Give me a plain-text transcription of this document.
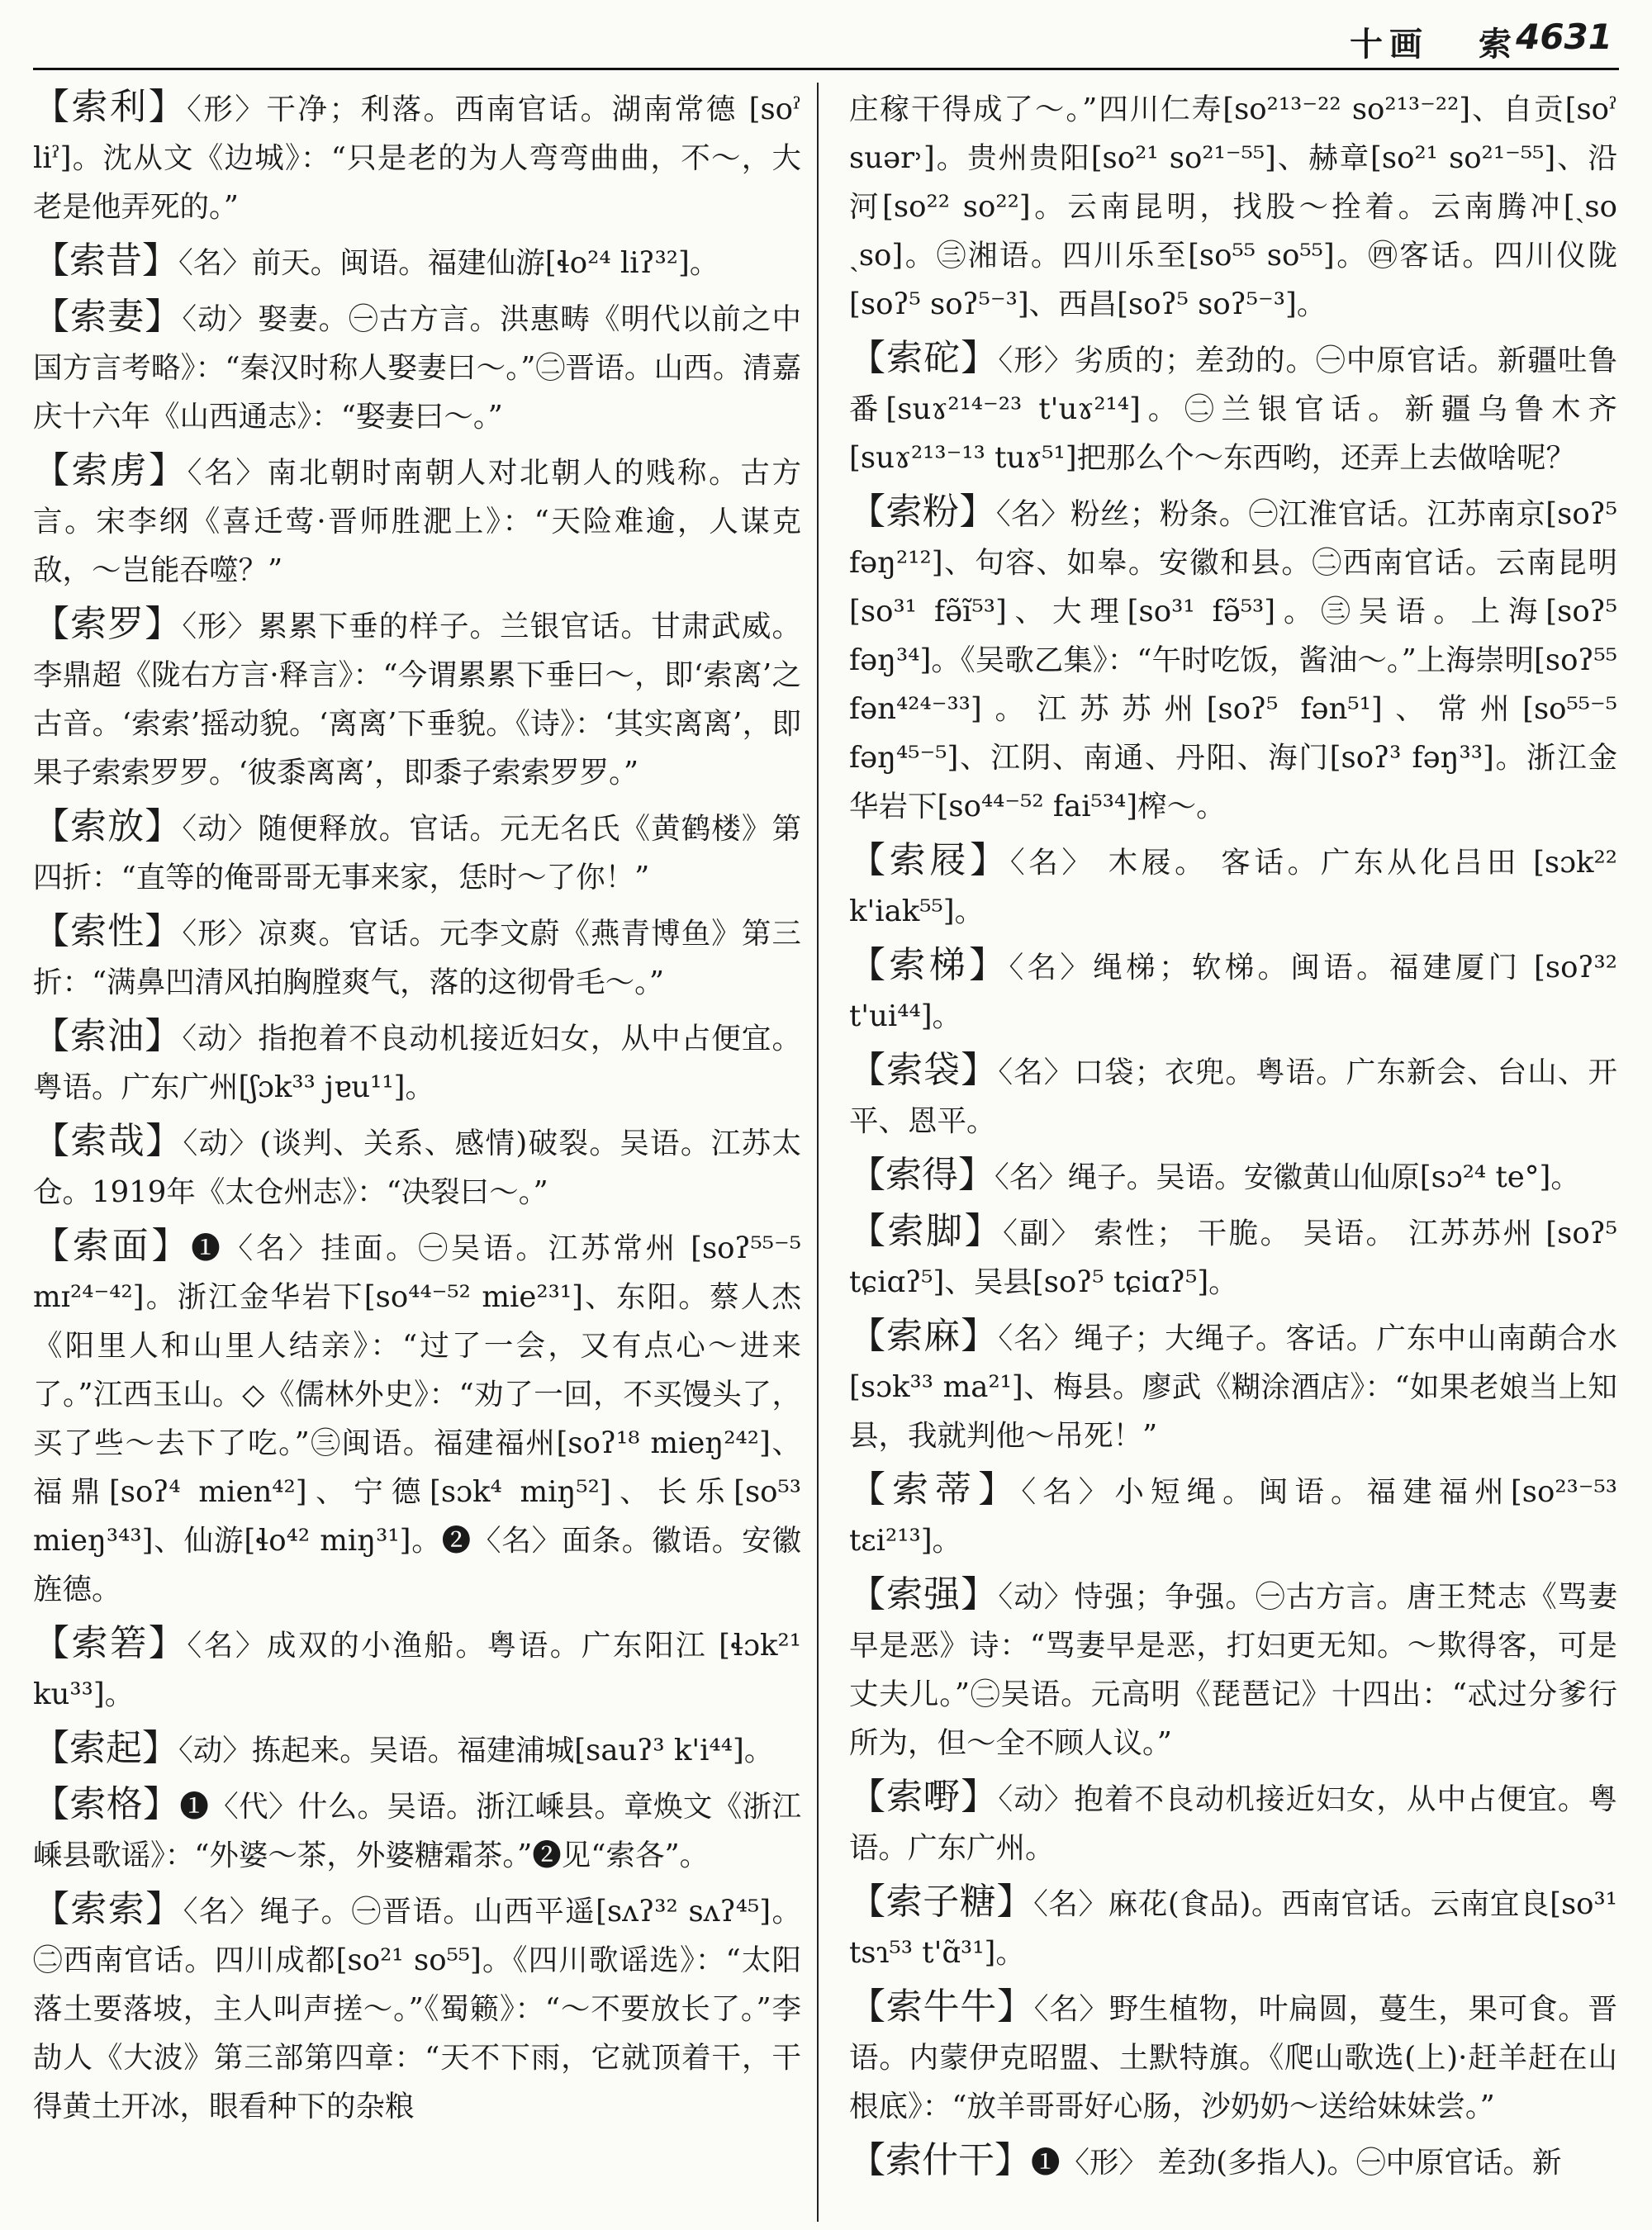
十画 索 4631

【索利】〈形〉干净；利落。西南官话。湖南常德 [soˀ liˀ]。沈从文《边城》：“只是老的为人弯弯曲曲，不～，大老是他弄死的。”

【索昔】〈名〉前天。闽语。福建仙游[ɬo²⁴ liʔ³²]。

【索妻】〈动〉娶妻。㊀古方言。洪惠畴《明代以前之中国方言考略》：“秦汉时称人娶妻曰～。”㊁晋语。山西。清嘉庆十六年《山西通志》：“娶妻曰～。”

【索虏】〈名〉南北朝时南朝人对北朝人的贱称。古方言。宋李纲《喜迁莺·晋师胜淝上》：“天险难逾，人谋克敌，～岂能吞噬？”

【索罗】〈形〉累累下垂的样子。兰银官话。甘肃武威。李鼎超《陇右方言·释言》：“今谓累累下垂曰～，即‘索离’之古音。‘索索’摇动貌。‘离离’下垂貌。《诗》：‘其实离离’，即果子索索罗罗。‘彼黍离离’，即黍子索索罗罗。”

【索放】〈动〉随便释放。官话。元无名氏《黄鹤楼》第四折：“直等的俺哥哥无事来家，恁时～了你！”

【索性】〈形〉凉爽。官话。元李文蔚《燕青博鱼》第三折：“满鼻凹清风拍胸膛爽气，落的这彻骨毛～。”

【索油】〈动〉指抱着不良动机接近妇女，从中占便宜。粤语。广东广州[ʃɔk³³ jɐu¹¹]。

【索哉】〈动〉(谈判、关系、感情)破裂。吴语。江苏太仓。1919年《太仓州志》：“决裂曰～。”

【索面】❶〈名〉挂面。㊀吴语。江苏常州 [soʔ⁵⁵⁻⁵ mɪ²⁴⁻⁴²]。浙江金华岩下[so⁴⁴⁻⁵² mie²³¹]、东阳。蔡人杰《阳里人和山里人结亲》：“过了一会，又有点心～进来了。”江西玉山。◇《儒林外史》：“劝了一回，不买馒头了，买了些～去下了吃。”㊂闽语。福建福州[soʔ¹⁸ mieŋ²⁴²]、福鼎[soʔ⁴ mien⁴²]、宁德[sɔk⁴ miŋ⁵²]、长乐[so⁵³ mieŋ³⁴³]、仙游[ɬo⁴² miŋ³¹]。❷〈名〉面条。徽语。安徽旌德。

【索箬】〈名〉成双的小渔船。粤语。广东阳江 [ɬɔk²¹ ku³³]。

【索起】〈动〉拣起来。吴语。福建浦城[sauʔ³ k'i⁴⁴]。

【索格】❶〈代〉什么。吴语。浙江嵊县。章焕文《浙江嵊县歌谣》：“外婆～茶，外婆糖霜茶。”❷见“索各”。

【索索】〈名〉绳子。㊀晋语。山西平遥[sʌʔ³² sʌʔ⁴⁵]。㊁西南官话。四川成都[so²¹ so⁵⁵]。《四川歌谣选》：“太阳落土要落坡，主人叫声搓～。”《蜀籁》：“～不要放长了。”李劼人《大波》第三部第四章：“天不下雨，它就顶着干，干得黄土开冰，眼看种下的杂粮

庄稼干得成了～。”四川仁寿[so²¹³⁻²² so²¹³⁻²²]、自贡[soˀ suər˒]。贵州贵阳[so²¹ so²¹⁻⁵⁵]、赫章[so²¹ so²¹⁻⁵⁵]、沿河[so²² so²²]。云南昆明，找股～拴着。云南腾冲[ˏso ˏso]。㊂湘语。四川乐至[so⁵⁵ so⁵⁵]。㊃客话。四川仪陇[soʔ⁵ soʔ⁵⁻³]、西昌[soʔ⁵ soʔ⁵⁻³]。

【索砣】〈形〉劣质的；差劲的。㊀中原官话。新疆吐鲁番[suɤ²¹⁴⁻²³ t'uɤ²¹⁴]。㊁兰银官话。新疆乌鲁木齐[suɤ²¹³⁻¹³ tuɤ⁵¹]把那么个～东西哟，还弄上去做啥呢？

【索粉】〈名〉粉丝；粉条。㊀江淮官话。江苏南京[soʔ⁵ fəŋ²¹²]、句容、如皋。安徽和县。㊁西南官话。云南昆明[so³¹ fə̃ĩ⁵³]、大理[so³¹ fə̃⁵³]。㊂吴语。上海[soʔ⁵ fəŋ³⁴]。《吴歌乙集》：“午时吃饭，酱油～。”上海崇明[soʔ⁵⁵ fən⁴²⁴⁻³³]。江苏苏州[soʔ⁵ fən⁵¹]、常州[so⁵⁵⁻⁵ fəŋ⁴⁵⁻⁵]、江阴、南通、丹阳、海门[soʔ³ fəŋ³³]。浙江金华岩下[so⁴⁴⁻⁵² fai⁵³⁴]榨～。

【索屐】〈名〉 木屐。 客话。广东从化吕田 [sɔk²² k'iak⁵⁵]。

【索梯】〈名〉绳梯；软梯。闽语。福建厦门 [soʔ³² t'ui⁴⁴]。

【索袋】〈名〉口袋；衣兜。粤语。广东新会、台山、开平、恩平。

【索得】〈名〉绳子。吴语。安徽黄山仙原[sɔ²⁴ te°]。

【索脚】〈副〉 索性； 干脆。 吴语。 江苏苏州 [soʔ⁵ tɕiɑʔ⁵]、吴县[soʔ⁵ tɕiɑʔ⁵]。

【索麻】〈名〉绳子；大绳子。客话。广东中山南蓢合水[sɔk³³ ma²¹]、梅县。廖武《糊涂酒店》：“如果老娘当上知县，我就判他～吊死！”

【索蒂】〈名〉小短绳。闽语。福建福州[so²³⁻⁵³ tɛi²¹³]。

【索强】〈动〉恃强；争强。㊀古方言。唐王梵志《骂妻早是恶》诗：“骂妻早是恶，打妇更无知。～欺得客，可是丈夫儿。”㊁吴语。元高明《琵琶记》十四出：“忒过分爹行所为，但～全不顾人议。”

【索嘢】〈动〉抱着不良动机接近妇女，从中占便宜。粤语。广东广州。

【索子糖】〈名〉麻花(食品)。西南官话。云南宜良[so³¹ tsɿ⁵³ t'ɑ̃³¹]。

【索牛牛】〈名〉野生植物，叶扁圆，蔓生，果可食。晋语。内蒙伊克昭盟、土默特旗。《爬山歌选(上)·赶羊赶在山根底》：“放羊哥哥好心肠，沙奶奶～送给妹妹尝。”

【索什干】❶〈形〉 差劲(多指人)。㊀中原官话。新
